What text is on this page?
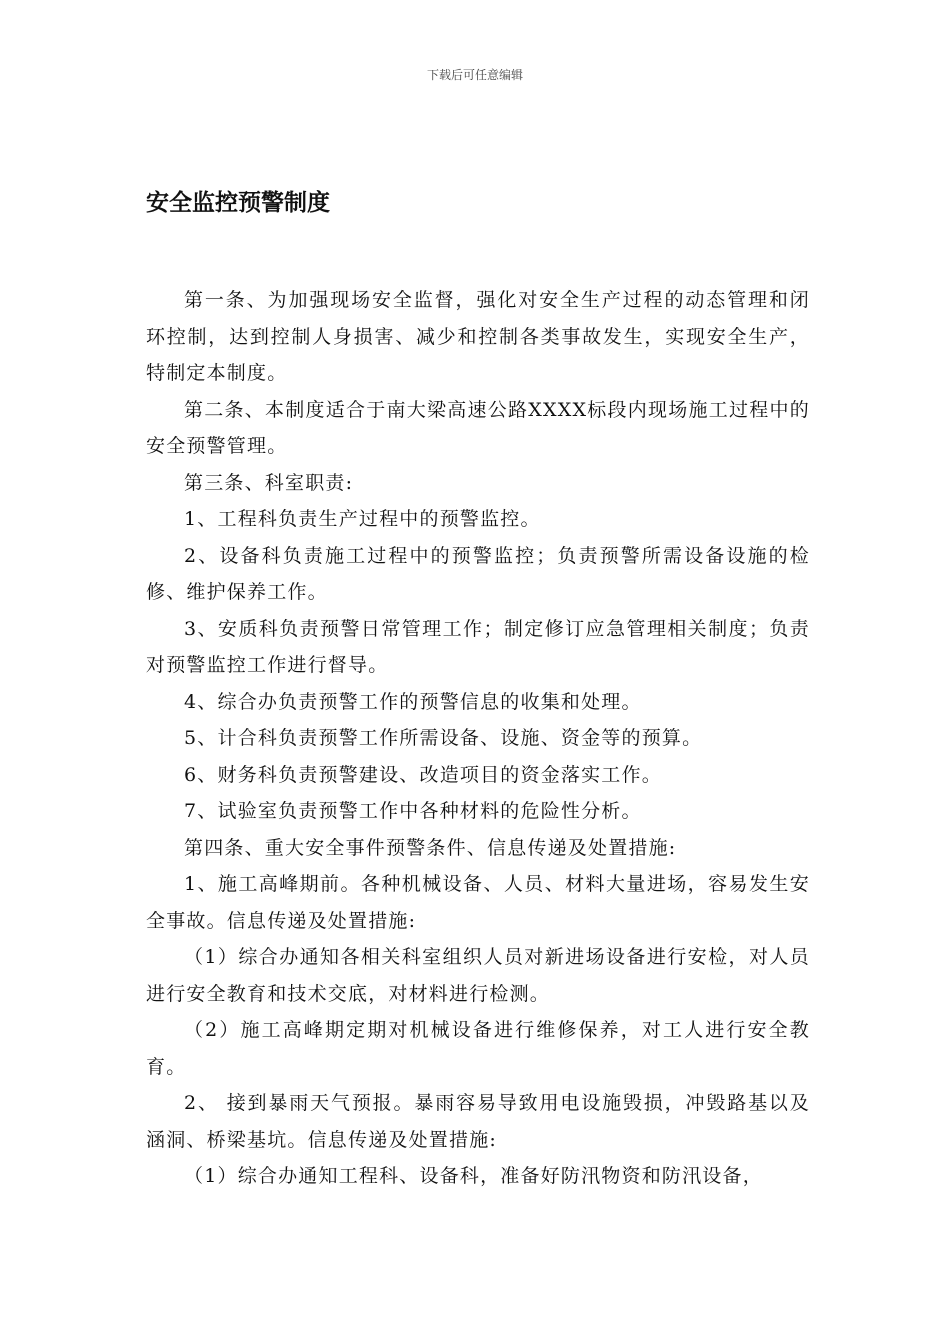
下载后可任意编辑
安全监控预警制度

第一条、为加强现场安全监督，强化对安全生产过程的动态管理和闭环控制，达到控制人身损害、减少和控制各类事故发生，实现安全生产，特制定本制度。

第二条、本制度适合于南大梁高速公路XXXX标段内现场施工过程中的安全预警管理。

第三条、科室职责:

1、工程科负责生产过程中的预警监控。

2、设备科负责施工过程中的预警监控；负责预警所需设备设施的检修、维护保养工作。

3、安质科负责预警日常管理工作；制定修订应急管理相关制度；负责对预警监控工作进行督导。

4、综合办负责预警工作的预警信息的收集和处理。

5、计合科负责预警工作所需设备、设施、资金等的预算。

6、财务科负责预警建设、改造项目的资金落实工作。

7、试验室负责预警工作中各种材料的危险性分析。

第四条、重大安全事件预警条件、信息传递及处置措施:

1、施工高峰期前。各种机械设备、人员、材料大量进场，容易发生安全事故。信息传递及处置措施:

（1）综合办通知各相关科室组织人员对新进场设备进行安检，对人员进行安全教育和技术交底，对材料进行检测。

（2）施工高峰期定期对机械设备进行维修保养，对工人进行安全教育。

2、 接到暴雨天气预报。暴雨容易导致用电设施毁损，冲毁路基以及涵洞、桥梁基坑。信息传递及处置措施:

（1）综合办通知工程科、设备科，准备好防汛物资和防汛设备，
